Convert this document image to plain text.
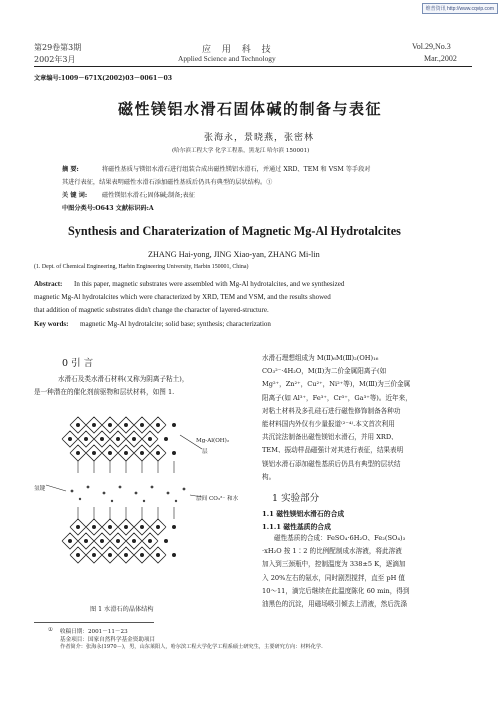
维普资讯 http://www.cqvip.com
第29卷第3期
2002年3月
应 用 科 技
Applied Science and Technology
Vol.29,No.3
Mar.,2002
文章编号:1009－671X(2002)03－0061－03
磁性镁铝水滑石固体碱的制备与表征
张海永，景晓燕，张密林
(哈尔滨工程大学 化学工程系，黑龙江 哈尔滨 150001)
摘 要:	将磁性基质与镁铝水滑石进行组装合成出磁性镁铝水滑石，并通过 XRD、TEM 和 VSM 等手段对
其进行表征，结果表明磁性水滑石添加磁性基质后仍具有典型的层状结构。①
关 键 词: 磁性镁铝水滑石;固体碱;制备;表征
中图分类号:O643 文献标识码:A
Synthesis and Charaterization of Magnetic Mg-Al Hydrotalcites
ZHANG Hai-yong, JING Xiao-yan, ZHANG Mi-lin
(1. Dept. of Chemical Engineering, Harbin Engineering University, Harbin 150001, China)
Abstract: In this paper, magnetic substrates were assembled with Mg-Al hydrotalcites, and we synthesized
magnetic Mg-Al hydrotalcites which were characterized by XRD, TEM and VSM, and the results showed
that addition of magnetic substrates didn't change the character of layered-structure.
Key words: magnetic Mg-Al hydrotalcite; solid base; synthesis; characterization
0 引 言
水滑石及类水滑石材料(又称为阴离子粘土)，
是一种潜在的催化剂前驱物和层状材料，如图 1.
Mg-Al(OH)₂
层
氢键
层间 CO₃²⁻ 和水
图 1 水滑石的晶体结构
水滑石理想组成为 M(Ⅱ)₆M(Ⅲ)₂(OH)₁₆
CO₃²⁻·4H₂O，M(Ⅱ)为二价金属阳离子(如
Mg²⁺，Zn²⁺，Cu²⁺，Ni²⁺等)，M(Ⅲ)为三价金属
阳离子(如 Al³⁺，Fe³⁺，Cr³⁺，Ga³⁺等)。近年来，
对粘土材料及多孔硅石进行磁性修饰制备各种功
能材料国内外仅有少量报道⁽²⁻⁴⁾.本文首次利用
共沉淀法制备出磁性镁铝水滑石，并用 XRD、
TEM、振动样品磁强计对其进行表征，结果表明
镁铝水滑石添加磁性基质后仍具有典型的层状结
构。
1 实验部分
1.1 磁性镁铝水滑石的合成
1.1.1 磁性基质的合成
磁性基质的合成：FeSO₄·6H₂O、Fe₂(SO₄)₃
·xH₂O 按 1∶2 的比例配制成水溶液，将此溶液
加入到三颈瓶中，控制温度为 338±5 K，逐滴加
入 20%左右的氨水，同时剧烈搅拌，直至 pH 值
10～11，滴完后继续在此温度陈化 60 min，得到
油黑色的沉淀，用磁场吸引倾去上清液，然后洗涤
① 收稿日期：2001－11－23
基金项目：国家自然科学基金资助项目
作者简介：张海永(1970－)，男，山东莱阳人，哈尔滨工程大学化学工程系硕士研究生，主要研究方向：材料化学.
